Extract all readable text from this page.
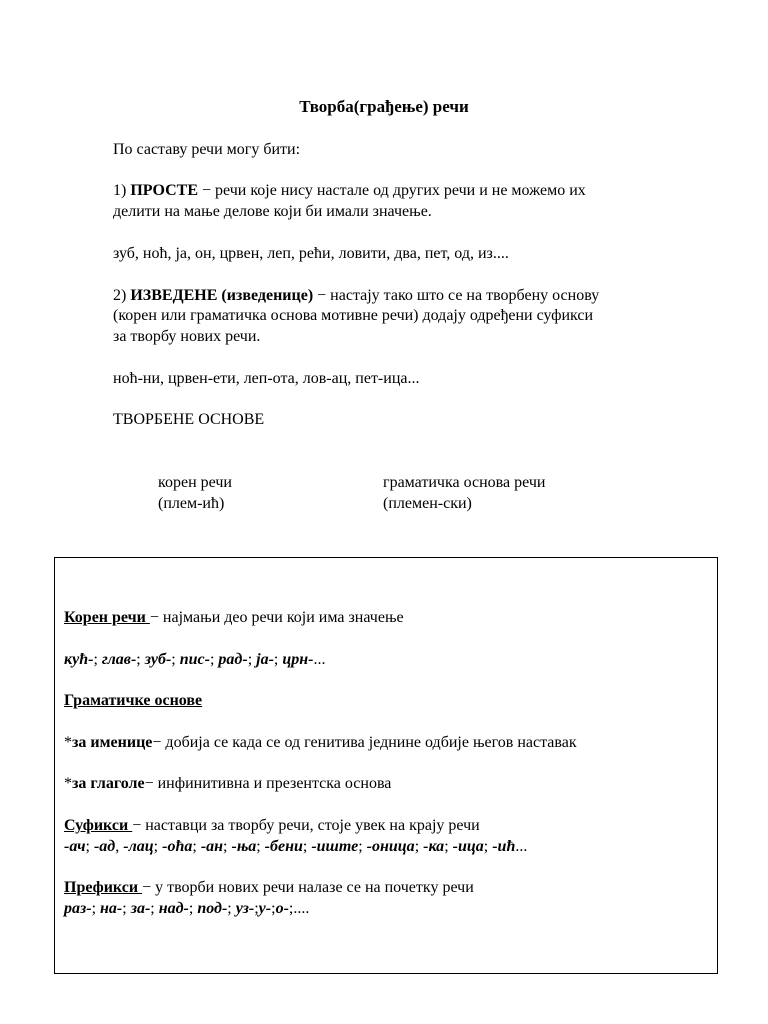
Творба(грађење) речи
По саставу речи могу бити:
1) ПРОСТЕ − речи које нису настале од других речи и не можемо их
делити на мање делове који би имали значење.
зуб, ноћ, ја, он, црвен, леп, рећи, ловити, два, пет, од, из....
2) ИЗВЕДЕНЕ (изведенице) − настају тако што се на творбену основу
(корен или граматичка основа мотивне речи) додају одређени суфикси
за творбу нових речи.
ноћ-ни, црвен-ети, леп-ота, лов-ац, пет-ица...
ТВОРБЕНЕ ОСНОВЕ
корен речи
(плем-ић)
граматичка основа речи
(племен-ски)
Корен речи − најмањи део речи који има значење
кућ-; глав-; зуб-; пис-; рад-; ја-; црн-...
Граматичке основе
*за именице− добија се када се од генитива једнине одбије његов наставак
*за глаголе− инфинитивна и презентска основа
Суфикси − наставци за творбу речи, стоје увек на крају речи
-ач; -ад, -лац; -оћа; -ан; -ња; -бени; -иште; -оница; -ка; -ица; -ић...
Префикси − у творби нових речи налазе се на почетку речи
раз-; на-; за-; над-; под-; уз-;у-;о-;....
